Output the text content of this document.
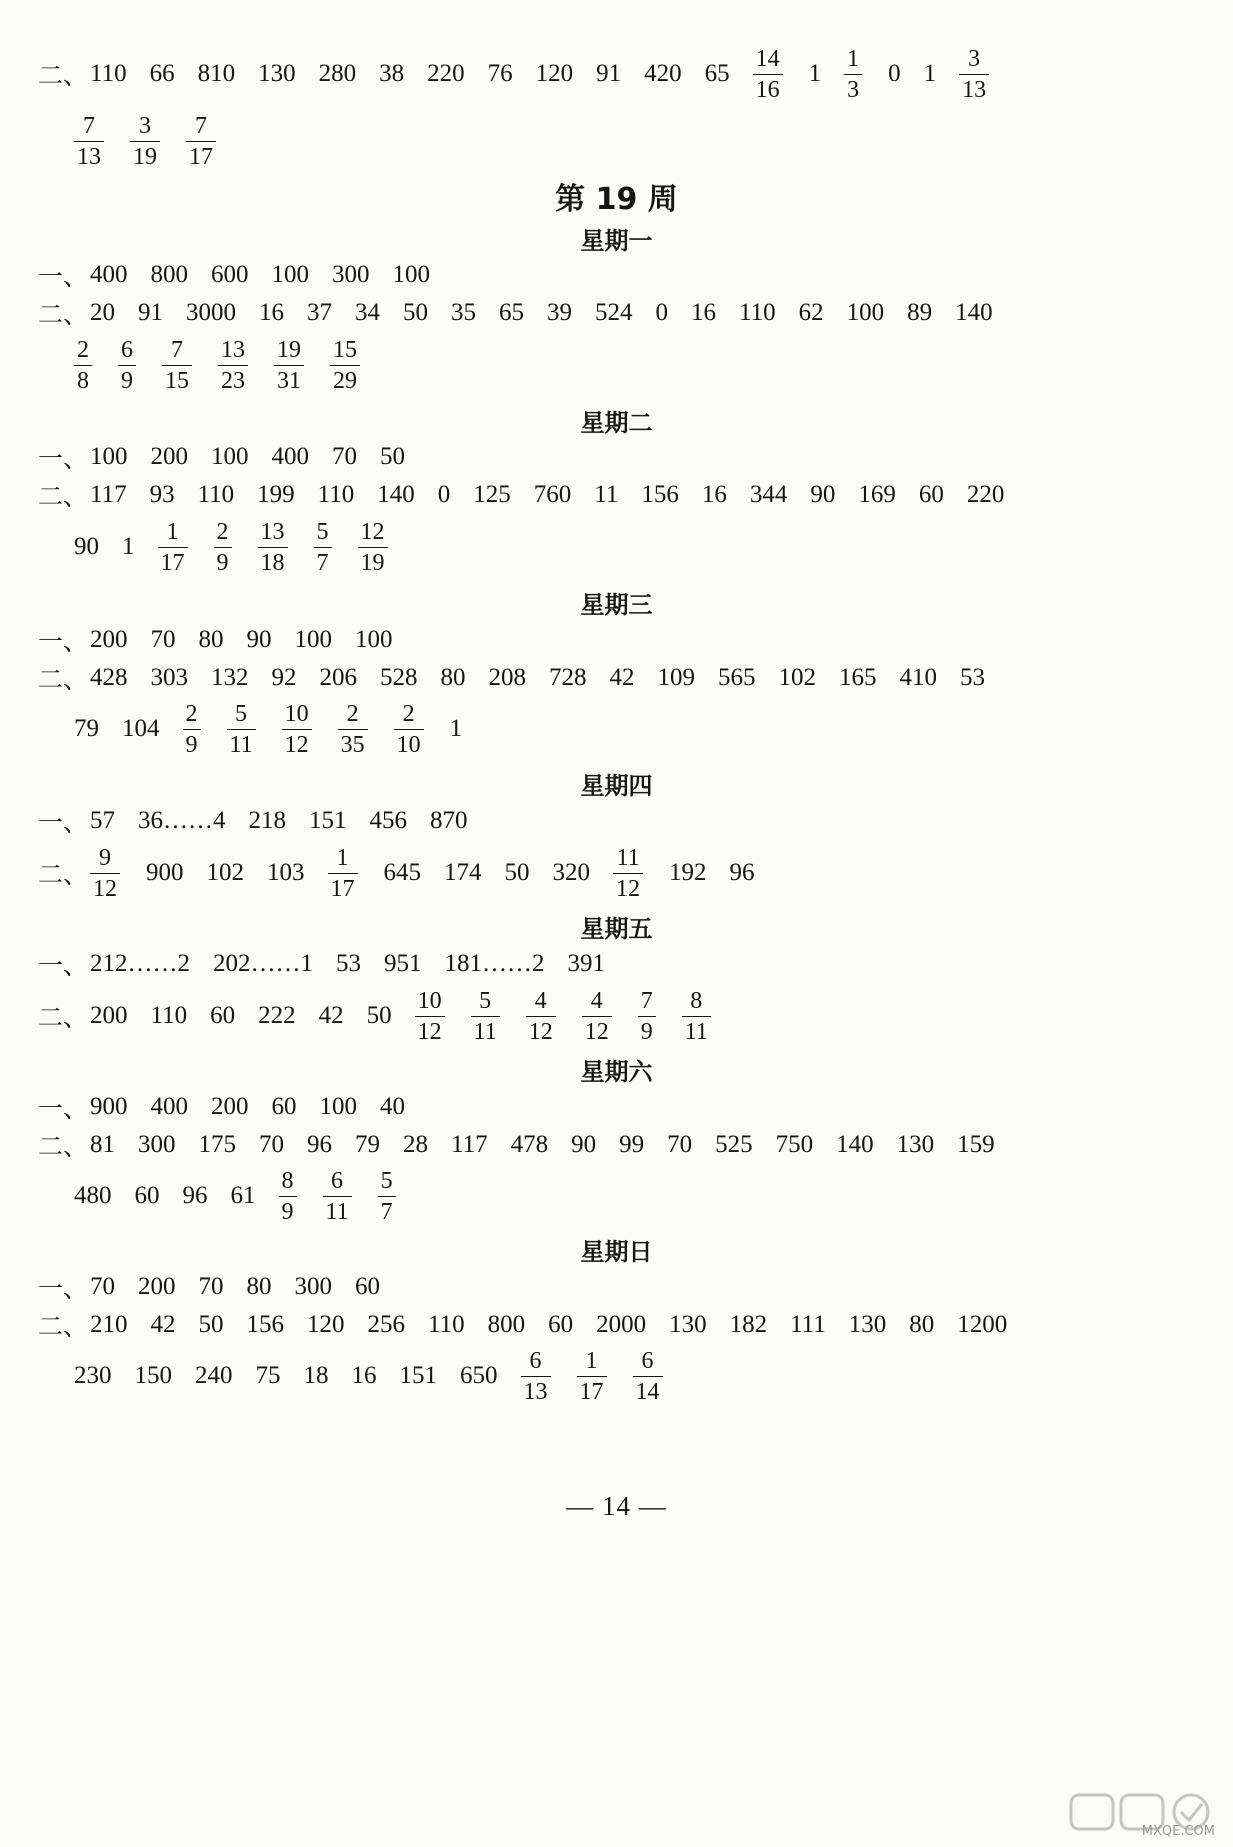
二、 110 66 810 130 280 38 220 76 120 91 420 $65 \frac{14}{16} 1 \frac{1}{3} 0$ $1 \frac{3}{13}$
$\frac{7}{13} \frac{3}{19} \frac{7}{17}$
第 19 周
星期一
一、 400 800 600 100 300 100
二、 20 91 3000 16 37 34 50 35 65 39 524 0 16 110 62 100 89 140
$\frac{2}{8} \frac{6}{9} \frac{7}{15} \frac{13}{23} \frac{19}{31} \frac{15}{29}$
星期二
一、 100 200 100 400 70 50
二、 117 93 110 199 110 140 0 125 760 11 156 16 344 90 169 60 220
90 $1 \frac{1}{17} \frac{2}{9} \frac{13}{18} \frac{5}{7} \frac{12}{19}$
星期三
一、 200 70 80 90 100 100
二、 428 303 132 92 206 528 80 208 728 42 109 565 102 165 410 53
79 $104 \frac{2}{9} \frac{5}{11} \frac{10}{12} \frac{2}{35} \frac{2}{10} 1$
星期四
一、 57 36……4 218 151 456 870
二、 $\frac{9}{12} 900$ 102 $103 \frac{1}{17} 645$ 174 50 $320 \frac{11}{12} 192$ 96
星期五
一、 212……2 202……1 53 951 181……2 391
二、 200 110 60 222 42 $50 \frac{10}{12} \frac{5}{11} \frac{4}{12} \frac{4}{12} \frac{7}{9} \frac{8}{11}$
星期六
一、 900 400 200 60 100 40
二、 81 300 175 70 96 79 28 117 478 90 99 70 525 750 140 130 159
480 60 96 $61 \frac{8}{9} \frac{6}{11} \frac{5}{7}$
星期日
一、 70 200 70 80 300 60
二、 210 42 50 156 120 256 110 800 60 2000 130 182 111 130 80 1200
230 150 240 75 18 16 151 $650 \frac{6}{13} \frac{1}{17} \frac{6}{14}$
— 14 —
MXQE.COM
